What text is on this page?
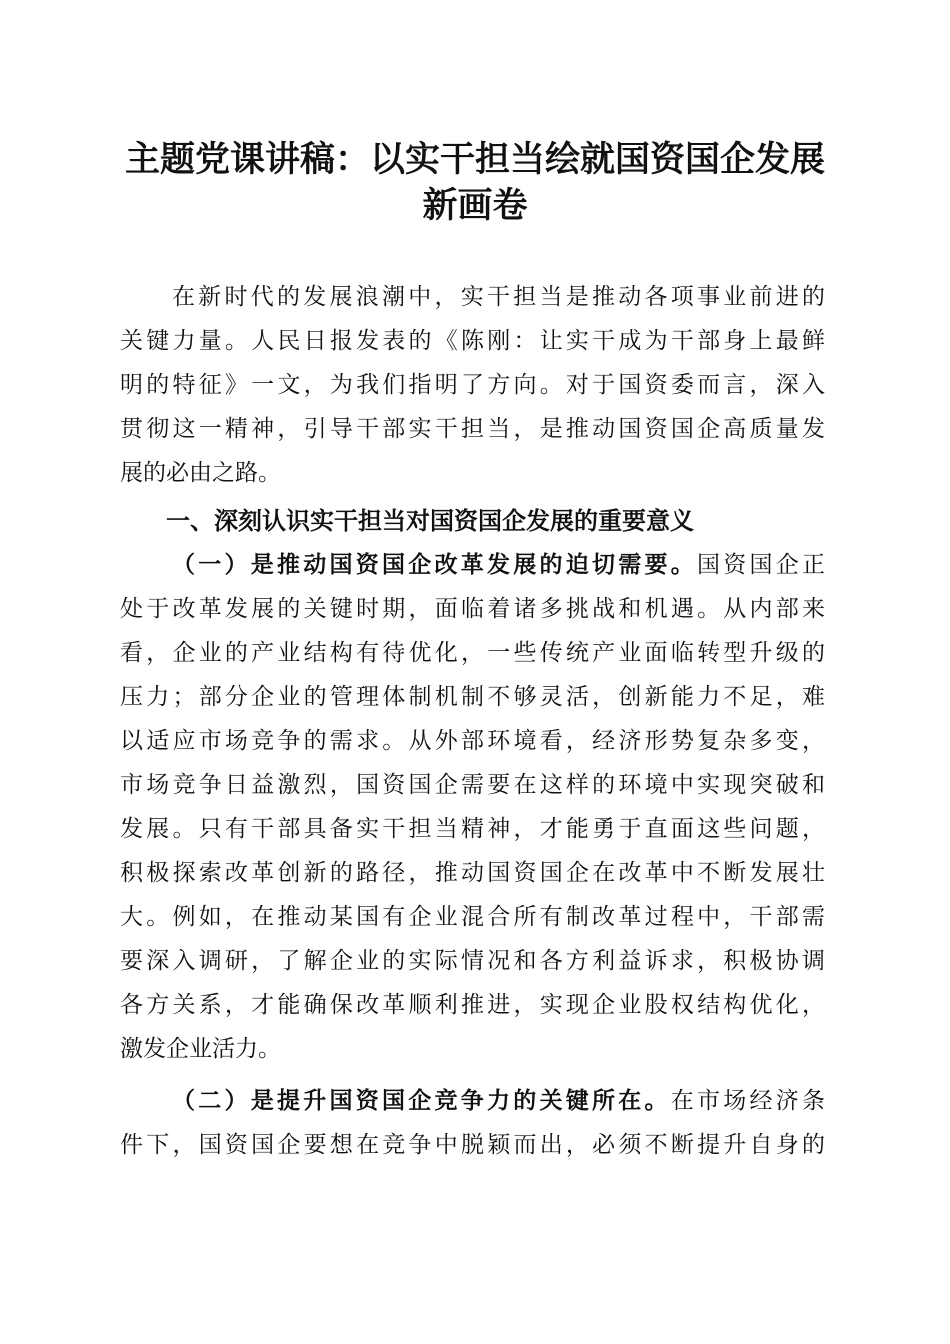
主题党课讲稿：以实干担当绘就国资国企发展
新画卷
在新时代的发展浪潮中，实干担当是推动各项事业前进的
关键力量。人民日报发表的《陈刚：让实干成为干部身上最鲜
明的特征》一文，为我们指明了方向。对于国资委而言，深入
贯彻这一精神，引导干部实干担当，是推动国资国企高质量发
展的必由之路。
一、深刻认识实干担当对国资国企发展的重要意义
（一）是推动国资国企改革发展的迫切需要。国资国企正
处于改革发展的关键时期，面临着诸多挑战和机遇。从内部来
看，企业的产业结构有待优化，一些传统产业面临转型升级的
压力；部分企业的管理体制机制不够灵活，创新能力不足，难
以适应市场竞争的需求。从外部环境看，经济形势复杂多变，
市场竞争日益激烈，国资国企需要在这样的环境中实现突破和
发展。只有干部具备实干担当精神，才能勇于直面这些问题，
积极探索改革创新的路径，推动国资国企在改革中不断发展壮
大。例如，在推动某国有企业混合所有制改革过程中，干部需
要深入调研，了解企业的实际情况和各方利益诉求，积极协调
各方关系，才能确保改革顺利推进，实现企业股权结构优化，
激发企业活力。
（二）是提升国资国企竞争力的关键所在。在市场经济条
件下，国资国企要想在竞争中脱颖而出，必须不断提升自身的
